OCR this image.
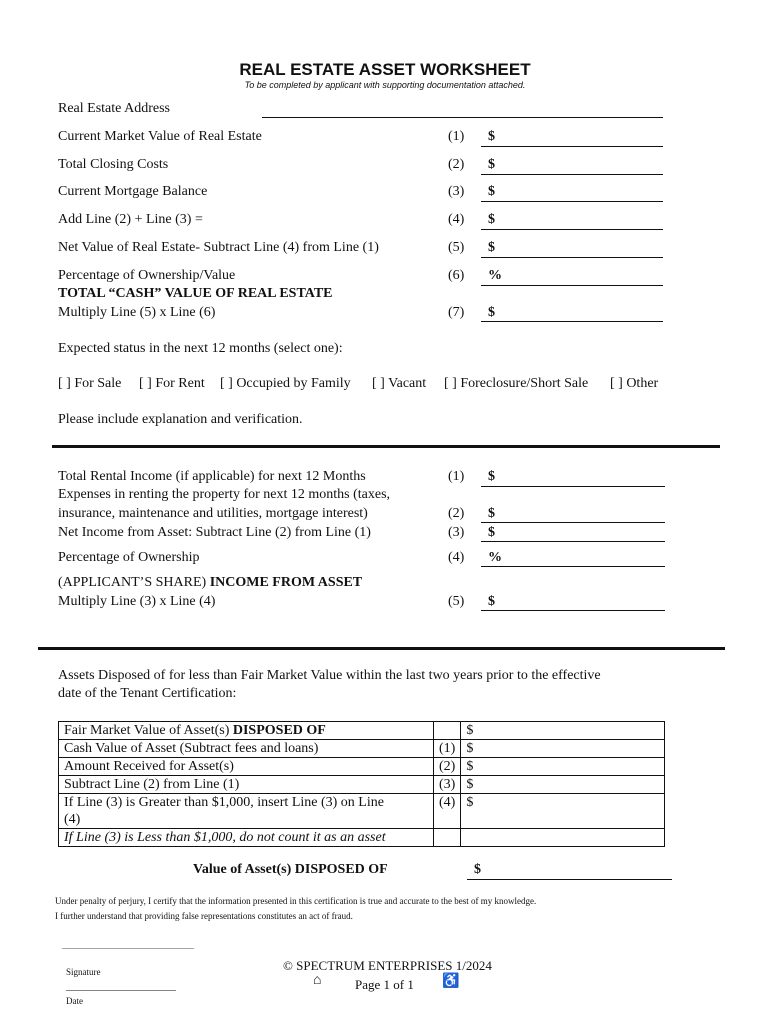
REAL ESTATE ASSET WORKSHEET
To be completed by applicant with supporting documentation attached.
Real Estate Address
Current Market Value of Real Estate	(1)	$
Total Closing Costs	(2)	$
Current Mortgage Balance	(3)	$
Add Line (2) + Line (3) =	(4)	$
Net Value of Real Estate- Subtract Line (4) from Line (1)	(5)	$
Percentage of Ownership/Value	(6)	%
TOTAL “CASH” VALUE OF REAL ESTATE
Multiply Line (5) x Line (6)	(7)	$
Expected status in the next 12 months (select one):
[ ] For Sale [ ] For Rent [ ] Occupied by Family [ ] Vacant [ ] Foreclosure/Short Sale [ ] Other
Please include explanation and verification.
Total Rental Income (if applicable) for next 12 Months	(1)	$
Expenses in renting the property for next 12 months (taxes,
insurance, maintenance and utilities, mortgage interest)	(2)	$
Net Income from Asset: Subtract Line (2) from Line (1)	(3)	$
Percentage of Ownership	(4)	%
(APPLICANT’S SHARE) INCOME FROM ASSET
Multiply Line (3) x Line (4)	(5)	$
Assets Disposed of for less than Fair Market Value within the last two years prior to the effective
date of the Tenant Certification:
Fair Market Value of Asset(s) DISPOSED OF		$
Cash Value of Asset (Subtract fees and loans)	(1)	$
Amount Received for Asset(s)	(2)	$
Subtract Line (2) from Line (1)	(3)	$
If Line (3) is Greater than $1,000, insert Line (3) on Line
(4)	(4)	$
If Line (3) is Less than $1,000, do not count it as an asset		
Value of Asset(s) DISPOSED OF	$
Under penalty of perjury, I certify that the information presented in this certification is true and accurate to the best of my knowledge.
I further understand that providing false representations constitutes an act of fraud.
________________________
Signature
____________________
Date
© SPECTRUM ENTERPRISES 1/2024
⌂	Page 1 of 1 ♿
